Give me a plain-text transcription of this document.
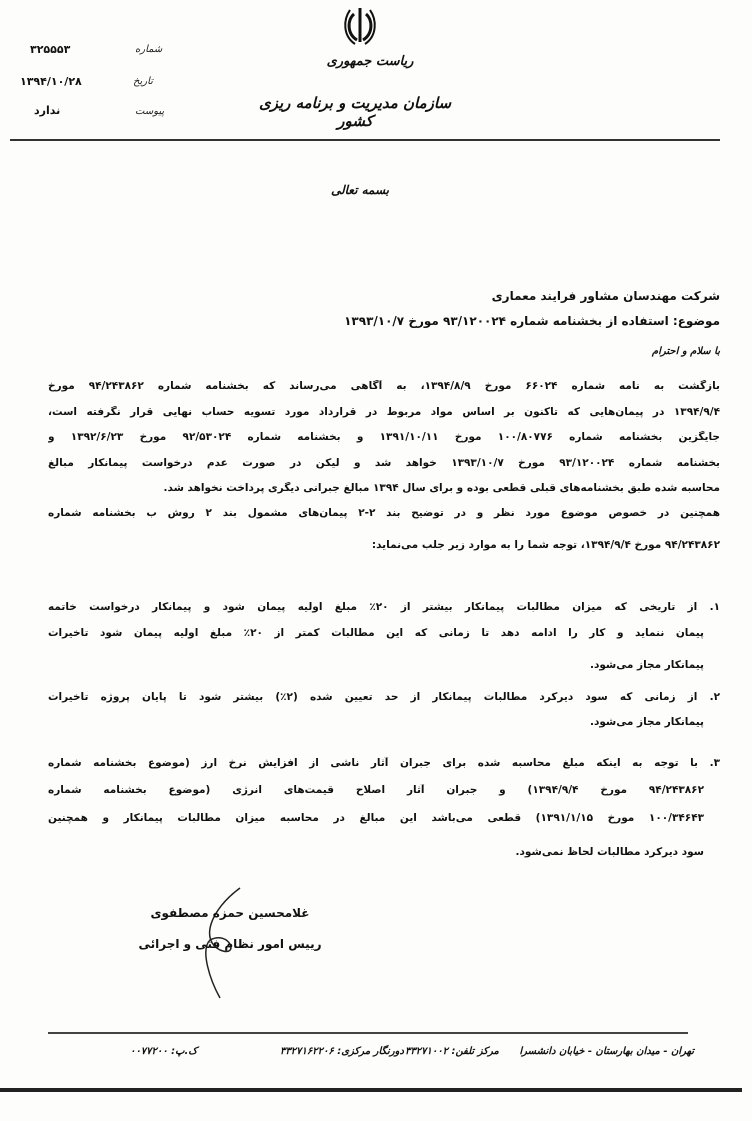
شماره
۳۲۵۵۵۳
تاریخ
۱۳۹۴/۱۰/۲۸
پیوست
ندارد
ریاست جمهوری
سازمان مدیریت و برنامه ریزی کشور
بسمه تعالی
شرکت مهندسان مشاور فرایند معماری
موضوع: استفاده از بخشنامه شماره ۹۳/۱۲۰۰۲۴ مورخ ۱۳۹۳/۱۰/۷
با سلام و احترام
بازگشت به نامه شماره ۶۶۰۲۴ مورخ ۱۳۹۴/۸/۹، به آگاهی می‌رساند که بخشنامه شماره ۹۴/۲۴۳۸۶۲ مورخ
۱۳۹۴/۹/۴ در پیمان‌هایی که تاکنون بر اساس مواد مربوط در قرارداد مورد تسویه حساب نهایی قرار نگرفته است،
جایگزین بخشنامه شماره ۱۰۰/۸۰۷۷۶ مورخ ۱۳۹۱/۱۰/۱۱ و بخشنامه شماره ۹۲/۵۳۰۲۴ مورخ ۱۳۹۲/۶/۲۳ و
بخشنامه شماره ۹۳/۱۲۰۰۲۴ مورخ ۱۳۹۳/۱۰/۷ خواهد شد و لیکن در صورت عدم درخواست پیمانکار مبالغ
محاسبه شده طبق بخشنامه‌های قبلی قطعی بوده و برای سال ۱۳۹۴ مبالغ جبرانی دیگری پرداخت نخواهد شد.
همچنین در خصوص موضوع مورد نظر و در توضیح بند ۲-۲ پیمان‌های مشمول بند ۲ روش ب بخشنامه شماره
۹۴/۲۴۳۸۶۲ مورخ ۱۳۹۴/۹/۴، توجه شما را به موارد زیر جلب می‌نماید:
۱. از تاریخی که میزان مطالبات پیمانکار بیشتر از ۲۰٪ مبلغ اولیه پیمان شود و پیمانکار درخواست خاتمه
پیمان ننماید و کار را ادامه دهد تا زمانی که این مطالبات کمتر از ۲۰٪ مبلغ اولیه پیمان شود تاخیرات
پیمانکار مجاز می‌شود.
۲. از زمانی که سود دیرکرد مطالبات پیمانکار از حد تعیین شده (۲٪) بیشتر شود تا پایان پروژه تاخیرات
پیمانکار مجاز می‌شود.
۳. با توجه به اینکه مبلغ محاسبه شده برای جبران آثار ناشی از افزایش نرخ ارز (موضوع بخشنامه شماره
۹۴/۲۴۳۸۶۲ مورخ ۱۳۹۴/۹/۴) و جبران آثار اصلاح قیمت‌های انرژی (موضوع بخشنامه شماره
۱۰۰/۳۴۶۴۳ مورخ ۱۳۹۱/۱/۱۵) قطعی می‌باشد این مبالغ در محاسبه میزان مطالبات پیمانکار و همچنین
سود دیرکرد مطالبات لحاظ نمی‌شود.
غلامحسین حمزه مصطفوی
رییس امور نظام فنی و اجرائی
تهران - میدان بهارستان - خیابان دانشسرا
مرکز تلفن: ۳۳۲۷۱۰۰۲
دورنگار مرکزی: ۳۳۲۷۱۶۲۲۰۶
ک.پ: ۰۰۷۷۲۰۰
